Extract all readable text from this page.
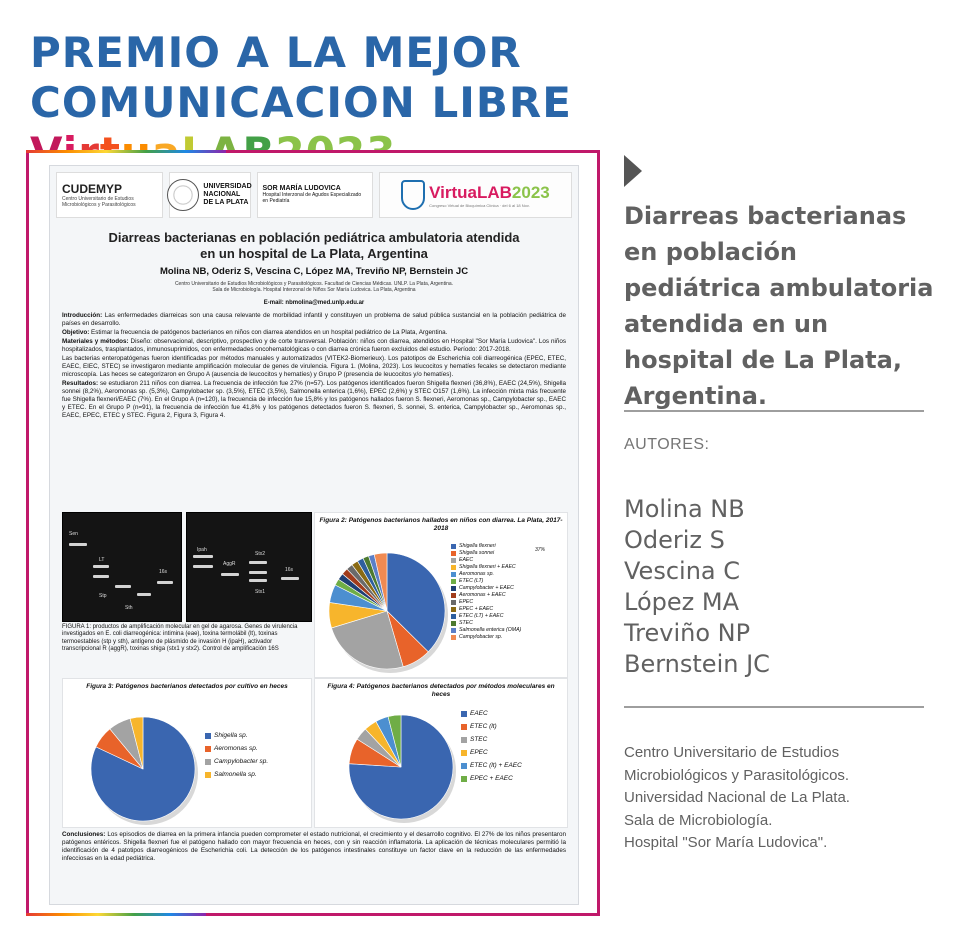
PREMIO A LA MEJOR
COMUNICACION LIBRE
CUDEMYP
Centro Universitario de Estudios Microbiológicos y Parasitológicos
UNIVERSIDAD NACIONAL DE LA PLATA
SOR MARÍA LUDOVICA
Hospital Interzonal de Agudos Especializado en Pediatría	VirtuaLAB2023
Congreso Virtual de Bioquímica Clínica · del 6 al 18 Nov.
Diarreas bacterianas en población pediátrica ambulatoria atendida
en un hospital de La Plata, Argentina
Molina NB, Oderiz S, Vescina C, López MA, Treviño NP, Bernstein JC
Centro Universitario de Estudios Microbiológicos y Parasitológicos. Facultad de Ciencias Médicas. UNLP. La Plata, Argentina.
Sala de Microbiología. Hospital Interzonal de Niños Sor María Ludovica. La Plata, Argentina
E-mail: nbmolina@med.unlp.edu.ar

Introducción: Las enfermedades diarreicas son una causa relevante de morbilidad infantil y constituyen un problema de salud pública sustancial en la población pediátrica de países en desarrollo.

Objetivo: Estimar la frecuencia de patógenos bacterianos en niños con diarrea atendidos en un hospital pediátrico de La Plata, Argentina.

Materiales y métodos: Diseño: observacional, descriptivo, prospectivo y de corte transversal. Población: niños con diarrea, atendidos en Hospital "Sor María Ludovica". Los niños hospitalizados, trasplantados, inmunosuprimidos, con enfermedades oncohematológicas o con diarrea crónica fueron excluidos del estudio. Período: 2017-2018.

Las bacterias enteropatógenas fueron identificadas por métodos manuales y automatizados (VITEK2-Biomerieux). Los patotipos de Escherichia coli diarreogénica (EPEC, ETEC, EAEC, EIEC, STEC) se investigaron mediante amplificación molecular de genes de virulencia. Figura 1. (Molina, 2023). Los leucocitos y hematíes fecales se detectaron mediante microscopía. Las heces se categorizaron en Grupo A (ausencia de leucocitos y hematíes) y Grupo P (presencia de leucocitos y/o hematíes).

Resultados: se estudiaron 211 niños con diarrea. La frecuencia de infección fue 27% (n=57). Los patógenos identificados fueron Shigella flexneri (36,8%), EAEC (24,5%), Shigella sonnei (8,2%), Aeromonas sp. (5,3%), Campylobacter sp. (3,5%), ETEC (3,5%), Salmonella enterica (1,6%), EPEC (2,6%) y STEC O157 (1,6%). La infección mixta más frecuente fue Shigella flexneri/EAEC (7%). En el Grupo A (n=120), la frecuencia de infección fue 15,8% y los patógenos hallados fueron S. flexneri, Aeromonas sp., Campylobacter sp., EAEC y ETEC. En el Grupo P (n=91), la frecuencia de infección fue 41,8% y los patógenos detectados fueron S. flexneri, S. sonnei, S. enterica, Campylobacter sp., Aeromonas sp., EAEC, EPEC, ETEC y STEC. Figura 2, Figura 3, Figura 4.

Sen
LT
Stp
Sth
16s
Ipah
AggR
Stx2
Stx1
16s
FIGURA 1: productos de amplificación molecular en gel de agarosa. Genes de virulencia investigados en E. coli diarreogénica: intimina (eae), toxina termolábil (lt), toxinas termoestables (stp y sth), antígeno de plásmido de invasión H (ipaH), activador transcripcional R (aggR), toxinas shiga (stx1 y stx2). Control de amplificación 16S
Figura 2: Patógenos bacterianos hallados en niños con diarrea. La Plata, 2017-2018
Shigella flexneri
Shigella sonnei
EAEC
Shigella flexneri + EAEC
Aeromonas sp.
ETEC (LT)
Campylobacter + EAEC
Aeromonas + EAEC
EPEC
EPEC + EAEC
ETEC (LT) + EAEC
STEC
Salmonella enterica (OMA)
Campylobacter sp.
37%
Figura 3: Patógenos bacterianos detectados por cultivo en heces
Shigella sp.
Aeromonas sp.
Campylobacter sp.
Salmonella sp.
Figura 4: Patógenos bacterianos detectados por métodos moleculares en heces
EAEC
ETEC (lt)
STEC
EPEC
ETEC (lt) + EAEC
EPEC + EAEC
Conclusiones: Los episodios de diarrea en la primera infancia pueden comprometer el estado nutricional, el crecimiento y el desarrollo cognitivo. El 27% de los niños presentaron patógenos entéricos. Shigella flexneri fue el patógeno hallado con mayor frecuencia en heces, con y sin reacción inflamatoria. La aplicación de técnicas moleculares permitió la identificación de 4 patotipos diarreogénicos de Escherichia coli. La detección de los patógenos intestinales constituye un factor clave en la reducción de las enfermedades infecciosas en la edad pediátrica.
Diarreas bacterianas en población pediátrica ambulatoria atendida en un hospital de La Plata, Argentina.
AUTORES:
Molina NB
Oderiz S
Vescina C
López MA
Treviño NP
Bernstein JC
Centro Universitario de Estudios
Microbiológicos y Parasitológicos.
Universidad Nacional de La Plata.
Sala de Microbiología.
Hospital "Sor María Ludovica".
